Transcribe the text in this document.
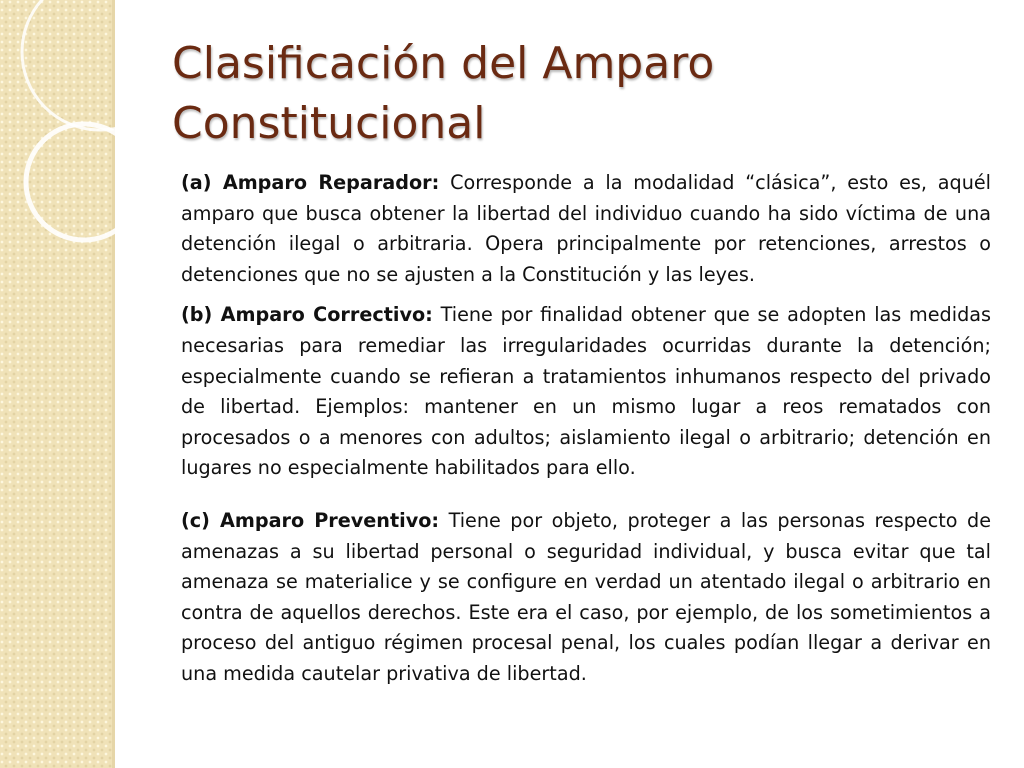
Clasificación del Amparo
Constitucional

(a) Amparo Reparador: Corresponde a la modalidad “clásica”, esto es, aquél amparo que busca obtener la libertad del individuo cuando ha sido víctima de una detención ilegal o arbitraria. Opera principalmente por retenciones, arrestos o detenciones que no se ajusten a la Constitución y las leyes.

(b) Amparo Correctivo: Tiene por finalidad obtener que se adopten las medidas necesarias para remediar las irregularidades ocurridas durante la detención; especialmente cuando se refieran a tratamientos inhumanos respecto del privado de libertad. Ejemplos: mantener en un mismo lugar a reos rematados con procesados o a menores con adultos; aislamiento ilegal o arbitrario; detención en lugares no especialmente habilitados para ello.

(c) Amparo Preventivo: Tiene por objeto, proteger a las personas respecto de amenazas a su libertad personal o seguridad individual, y busca evitar que tal amenaza se materialice y se configure en verdad un atentado ilegal o arbitrario en contra de aquellos derechos. Este era el caso, por ejemplo, de los sometimientos a proceso del antiguo régimen procesal penal, los cuales podían llegar a derivar en una medida cautelar privativa de libertad.
